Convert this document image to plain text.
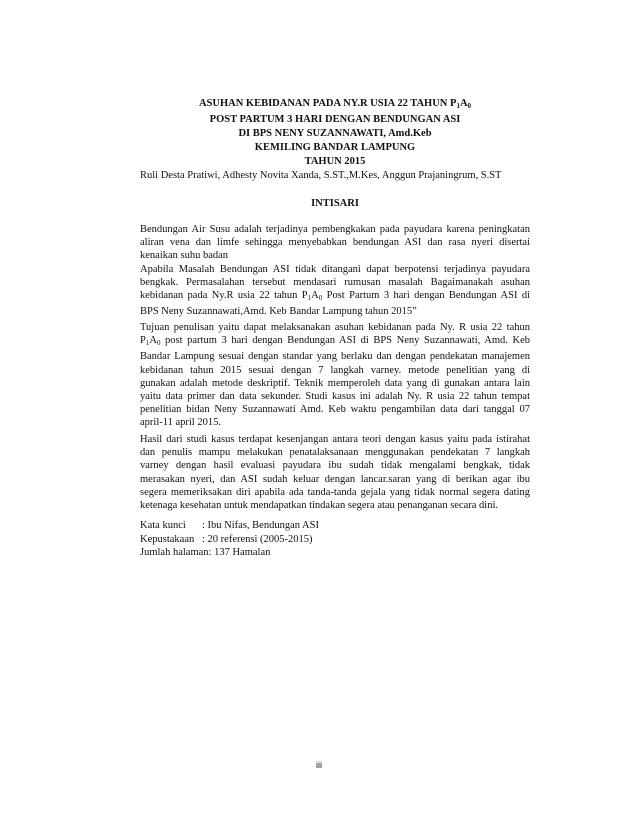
ASUHAN KEBIDANAN PADA NY.R USIA 22 TAHUN $P_1A_0$
POST PARTUM 3 HARI DENGAN BENDUNGAN ASI
DI BPS NENY SUZANNAWATI, Amd.Keb
KEMILING BANDAR LAMPUNG
TAHUN 2015
Ruli Desta Pratiwi, Adhesty Novita Xanda, S.ST.,M.Kes, Anggun Prajaningrum, S.ST
INTISARI
Bendungan Air Susu adalah terjadinya pembengkakan pada payudara karena peningkatan
aliran vena dan limfe sehingga menyebabkan bendungan ASI dan rasa nyeri disertai
kenaikan suhu badan
Apabila Masalah Bendungan ASI tidak ditangani dapat berpotensi terjadinya payudara
bengkak. Permasalahan tersebut mendasari rumusan masalah Bagaimanakah asuhan
kebidanan pada Ny.R usia 22 tahun $P_1A_0$ Post Partum 3 hari dengan Bendungan ASI di
BPS Neny Suzannawati,Amd. Keb Bandar Lampung tahun 2015”
Tujuan penulisan yaitu dapat melaksanakan asuhan kebidanan pada Ny. R usia 22 tahun
$P_1A_0$ post partum 3 hari dengan Bendungan ASI di BPS Neny Suzannawati, Amd. Keb
Bandar Lampung sesuai dengan standar yang berlaku dan dengan pendekatan manajemen
kebidanan tahun 2015 sesuai dengan 7 langkah varney. metode penelitian yang di
gunakan adalah metode deskriptif. Teknik memperoleh data yang di gunakan antara lain
yaitu data primer dan data sekunder. Studi kasus ini adalah Ny. R usia 22 tahun tempat
penelitian bidan Neny Suzannawati Amd. Keb waktu pengambilan data dari tanggal 07
april-11 april 2015.
Hasil dari studi kasus terdapat kesenjangan antara teori dengan kasus yaitu pada istirahat
dan penulis mampu melakukan penatalaksanaan menggunakan pendekatan 7 langkah
varney dengan hasil evaluasi payudara ibu sudah tidak mengalami bengkak, tidak
merasakan nyeri, dan ASI sudah keluar dengan lancar.saran yang di berikan agar ibu
segera memeriksakan diri apabila ada tanda-tanda gejala yang tidak normal segera dating
ketenaga kesehatan untuk mendapatkan tindakan segera atau penanganan secara dini.
Kata kunci : Ibu Nifas, Bendungan ASI
Kepustakaan : 20 referensi (2005-2015)
Jumlah halaman: 137 Hamalan
iii
